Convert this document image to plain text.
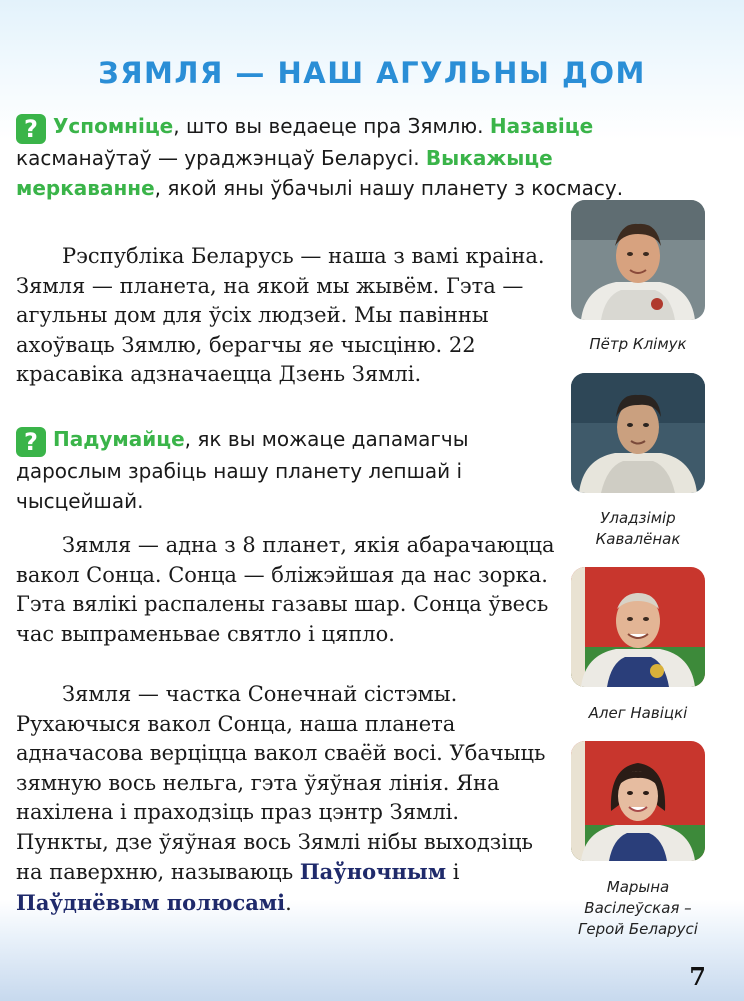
ЗЯМЛЯ — НАШ АГУЛЬНЫ ДОМ
? Успомніце, што вы ведаеце пра Зямлю. Назавіце касманаўтаў — ураджэнцаў Беларусі. Выкажыце меркаванне, якой яны ўбачылі нашу планету з космасу.
Рэспубліка Беларусь — наша з вамі краіна. Зямля — планета, на якой мы жывём. Гэта — агульны дом для ўсіх людзей. Мы павінны ахоўваць Зямлю, берагчы яе чысціню. 22 красавіка адзначаецца Дзень Зямлі.
? Падумайце, як вы можаце дапамагчы дарослым зрабіць нашу планету лепшай і чысцейшай.
Зямля — адна з 8 планет, якія абарачаюцца вакол Сонца. Сонца — бліжэйшая да нас зорка. Гэта вялікі распалены газавы шар. Сонца ўвесь час выпраменьвае святло і цяпло.
Зямля — частка Сонечнай сістэмы. Рухаючыся вакол Сонца, наша планета адначасова верціцца вакол сваёй восі. Убачыць зямную вось нельга, гэта ўяўная лінія. Яна нахілена і праходзіць праз цэнтр Зямлі. Пункты, дзе ўяўная вось Зямлі нібы выходзіць на паверхню, называюць Паўночным і Паўднёвым полюсамі.
Пётр Клімук
Уладзімір
Кавалёнак
Алег Навіцкі
Марына
Васілеўская –
Герой Беларусі
7
